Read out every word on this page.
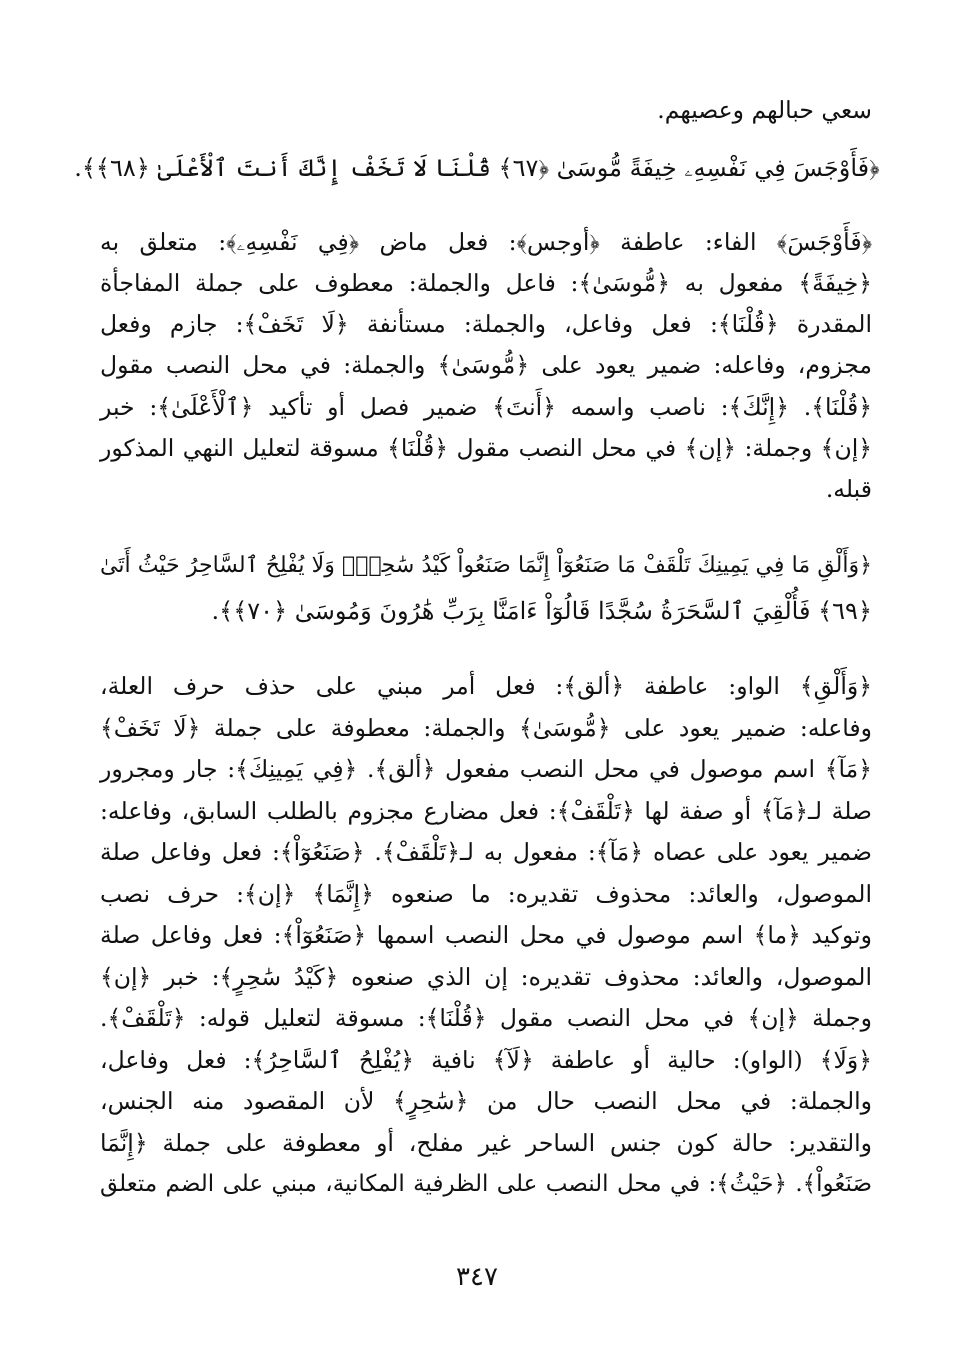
سعي حبالهم وعصيهم.
﴿فَأَوْجَسَ فِي نَفْسِهِۦ خِيفَةً مُّوسَىٰ ﴿٦٧﴾ قُلْنَا لَا تَخَفْ إِنَّكَ أَنتَ ٱلْأَعْلَىٰ ﴿٦٨﴾﴾.
﴿فَأَوْجَسَ﴾ الفاء: عاطفة ﴿أوجس﴾: فعل ماض ﴿فِي نَفْسِهِۦ﴾: متعلق به
﴿خِيفَةً﴾ مفعول به ﴿مُّوسَىٰ﴾: فاعل والجملة: معطوف على جملة المفاجأة
المقدرة ﴿قُلْنَا﴾: فعل وفاعل، والجملة: مستأنفة ﴿لَا تَخَفْ﴾: جازم وفعل
مجزوم، وفاعله: ضمير يعود على ﴿مُّوسَىٰ﴾ والجملة: في محل النصب مقول
﴿قُلْنَا﴾. ﴿إِنَّكَ﴾: ناصب واسمه ﴿أَنتَ﴾ ضمير فصل أو تأكيد ﴿ٱلْأَعْلَىٰ﴾: خبر
﴿إن﴾ وجملة: ﴿إن﴾ في محل النصب مقول ﴿قُلْنَا﴾ مسوقة لتعليل النهي المذكور
قبله.
﴿وَأَلْقِ مَا فِي يَمِينِكَ تَلْقَفْ مَا صَنَعُوٓاْ إِنَّمَا صَنَعُواْ كَيْدُ سَٰحِرٍۖ وَلَا يُفْلِحُ ٱلسَّاحِرُ حَيْثُ أَتَىٰ
﴿٦٩﴾ فَأُلْقِيَ ٱلسَّحَرَةُ سُجَّدًا قَالُوٓاْ ءَامَنَّا بِرَبِّ هَٰرُونَ وَمُوسَىٰ ﴿٧٠﴾﴾.
﴿وَأَلْقِ﴾ الواو: عاطفة ﴿ألق﴾: فعل أمر مبني على حذف حرف العلة،
وفاعله: ضمير يعود على ﴿مُّوسَىٰ﴾ والجملة: معطوفة على جملة ﴿لَا تَخَفْ﴾
﴿مَآ﴾ اسم موصول في محل النصب مفعول ﴿ألق﴾. ﴿فِي يَمِينِكَ﴾: جار ومجرور
صلة لـ﴿مَآ﴾ أو صفة لها ﴿تَلْقَفْ﴾: فعل مضارع مجزوم بالطلب السابق، وفاعله:
ضمير يعود على عصاه ﴿مَآ﴾: مفعول به لـ﴿تَلْقَفْ﴾. ﴿صَنَعُوٓاْ﴾: فعل وفاعل صلة
الموصول، والعائد: محذوف تقديره: ما صنعوه ﴿إِنَّمَا﴾ ﴿إن﴾: حرف نصب
وتوكيد ﴿ما﴾ اسم موصول في محل النصب اسمها ﴿صَنَعُوٓاْ﴾: فعل وفاعل صلة
الموصول، والعائد: محذوف تقديره: إن الذي صنعوه ﴿كَيْدُ سَٰحِرٍ﴾: خبر ﴿إن﴾
وجملة ﴿إن﴾ في محل النصب مقول ﴿قُلْنَا﴾: مسوقة لتعليل قوله: ﴿تَلْقَفْ﴾.
﴿وَلَا﴾ (الواو): حالية أو عاطفة ﴿لَآ﴾ نافية ﴿يُفْلِحُ ٱلسَّاحِرُ﴾: فعل وفاعل،
والجملة: في محل النصب حال من ﴿سَٰحِرٍ﴾ لأن المقصود منه الجنس،
والتقدير: حالة كون جنس الساحر غير مفلح، أو معطوفة على جملة ﴿إِنَّمَا
صَنَعُواْ﴾. ﴿حَيْثُ﴾: في محل النصب على الظرفية المكانية، مبني على الضم متعلق
٣٤٧
